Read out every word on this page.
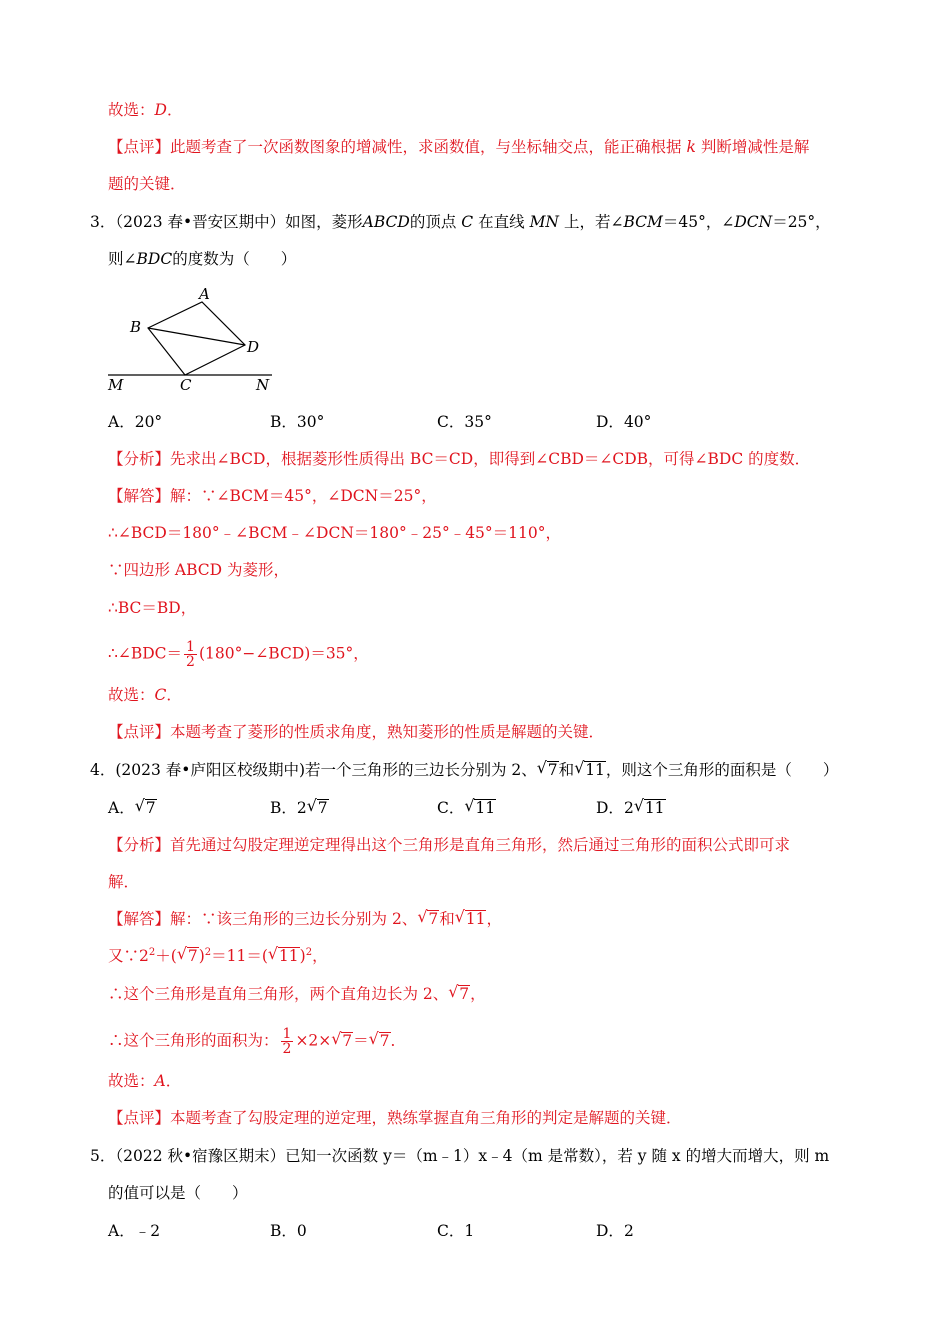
故选：D．
【点评】此题考查了一次函数图象的增减性，求函数值，与坐标轴交点，能正确根据 k 判断增减性是解
题的关键．
3．（2023 春•晋安区期中）如图，菱形ABCD的顶点 C 在直线 MN 上，若∠BCM＝45°，∠DCN＝25°，
则∠BDC的度数为（　　）
A
B
D
C
M	N
A．20°	B．30°	C．35°	D．40°
【分析】先求出∠BCD，根据菱形性质得出 BC＝CD，即得到∠CBD＝∠CDB，可得∠BDC 的度数．
【解答】解：∵∠BCM＝45°，∠DCN＝25°，
∴∠BCD＝180°﹣∠BCM﹣∠DCN＝180°﹣25°﹣45°＝110°，
∵四边形 ABCD 为菱形，
∴BC＝BD，
∴∠BDC＝ $\frac{1}{2}$ (180°−∠BCD)＝35°，
故选：C．
【点评】本题考查了菱形的性质求角度，熟知菱形的性质是解题的关键．
4．(2023 春•庐阳区校级期中)若一个三角形的三边长分别为 2、√ 7和√ 11，则这个三角形的面积是（　　）
A．√ 7	B．2√ 7	C．√ 11	D．2√ 11
【分析】首先通过勾股定理逆定理得出这个三角形是直角三角形，然后通过三角形的面积公式即可求
解．
【解答】解：∵该三角形的三边长分别为 2、√ 7和√ 11，
又$\because 2^2+(√$ 7)$^2$＝11＝(√ 11)$^2$，
∴这个三角形是直角三角形，两个直角边长为 2、√ 7，
∴这个三角形的面积为： $\frac{1}{2} \times 2\times√$ 7＝√ 7．
故选：A．
【点评】本题考查了勾股定理的逆定理，熟练掌握直角三角形的判定是解题的关键．
5．（2022 秋•宿豫区期末）已知一次函数 y＝（m﹣1）x﹣4（m 是常数），若 y 随 x 的增大而增大，则 m
的值可以是（　　）
A．﹣2	B．0	C．1	D．2
